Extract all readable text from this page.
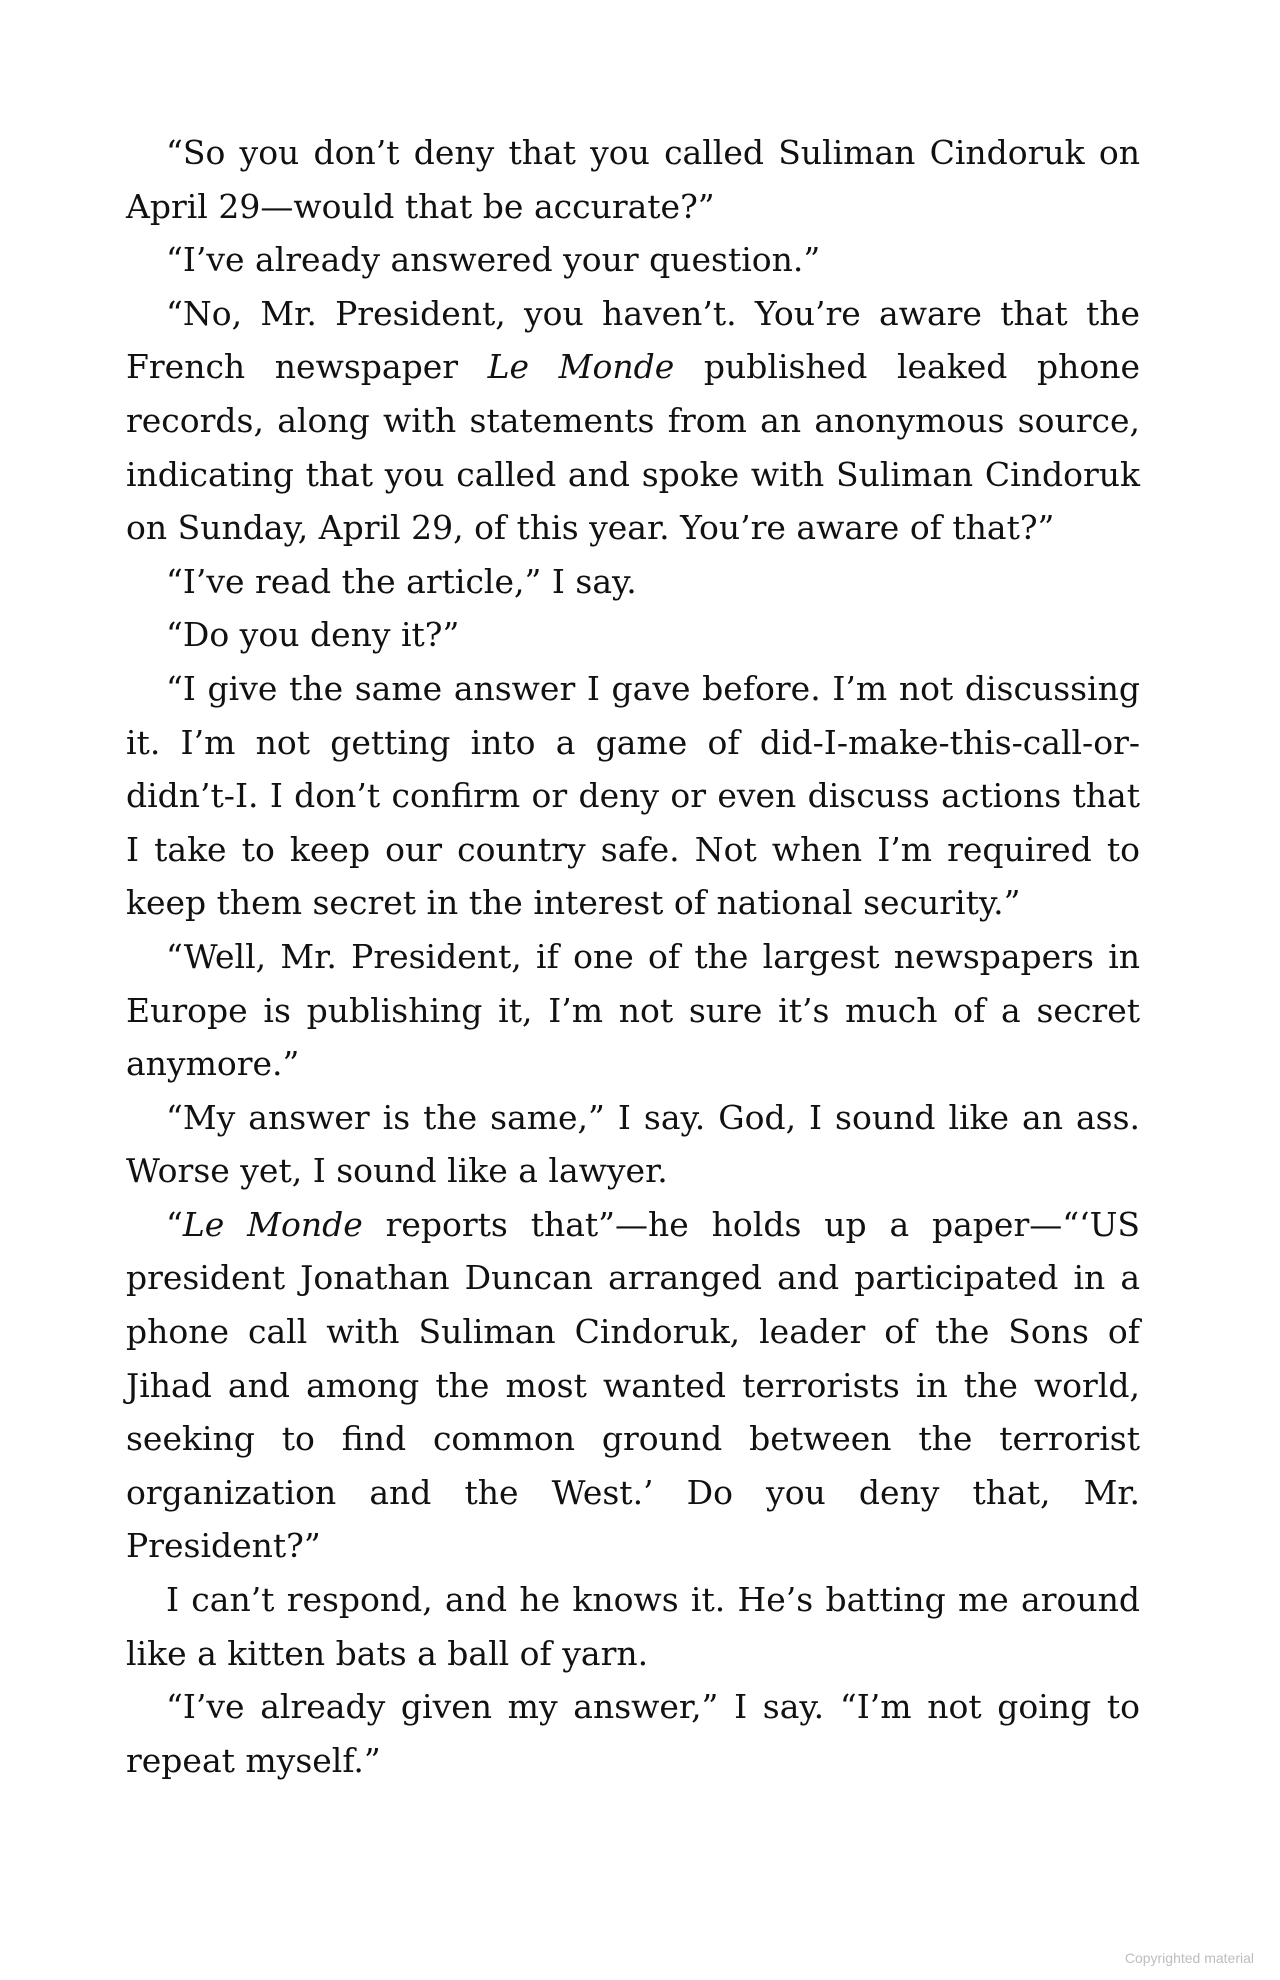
“So you don’t deny that you called Suliman Cindoruk on April 29—would that be accurate?”

“I’ve already answered your question.”

“No, Mr. President, you haven’t. You’re aware that the French newspaper Le Monde published leaked phone records, along with statements from an anonymous source, indicating that you called and spoke with Suliman Cindoruk on Sunday, April 29, of this year. You’re aware of that?”

“I’ve read the article,” I say.

“Do you deny it?”

“I give the same answer I gave before. I’m not discussing it. I’m not getting into a game of did-I-make-this-call-or-didn’t-I. I don’t confirm or deny or even discuss actions that I take to keep our country safe. Not when I’m required to keep them secret in the interest of national security.”

“Well, Mr. President, if one of the largest newspapers in Europe is publishing it, I’m not sure it’s much of a secret anymore.”

“My answer is the same,” I say. God, I sound like an ass. Worse yet, I sound like a lawyer.

“Le Monde reports that”—he holds up a paper—“‘US president Jonathan Duncan arranged and participated in a phone call with Suliman Cindoruk, leader of the Sons of Jihad and among the most wanted terrorists in the world, seeking to find common ground between the terrorist organization and the West.’ Do you deny that, Mr. President?”

I can’t respond, and he knows it. He’s batting me around like a kitten bats a ball of yarn.

“I’ve already given my answer,” I say. “I’m not going to repeat myself.”

Copyrighted material
